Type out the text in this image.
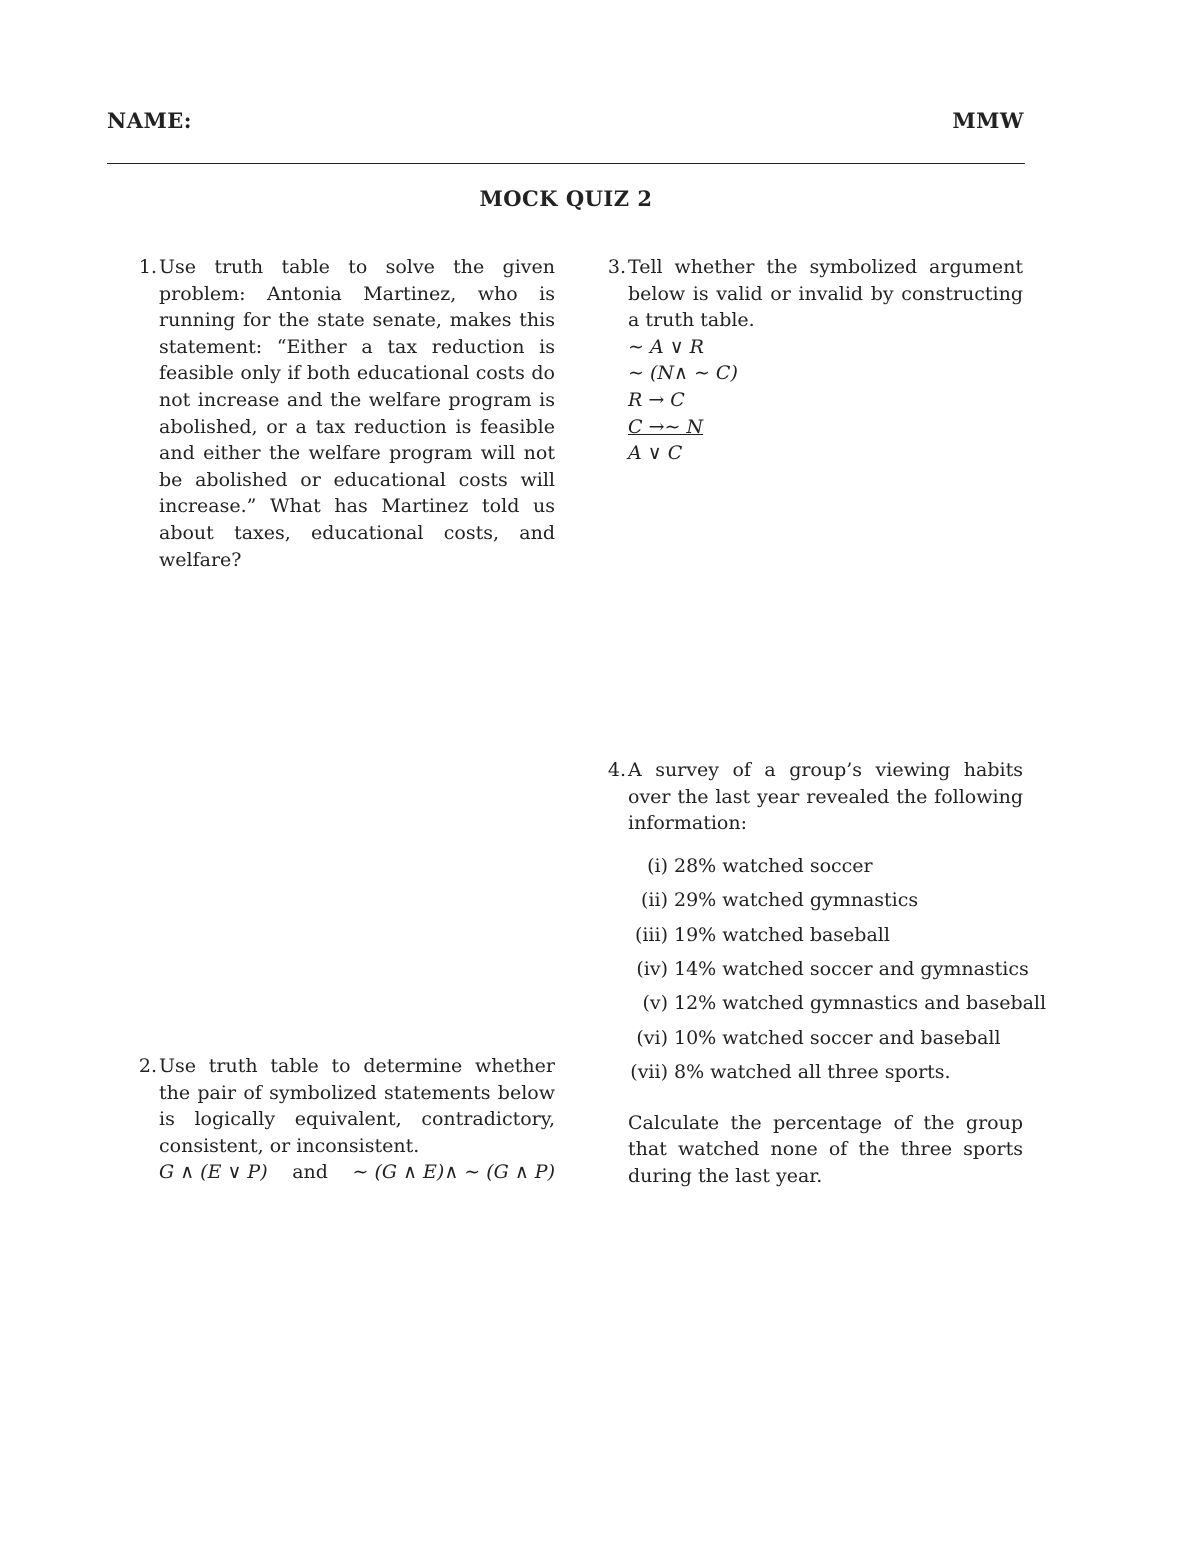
NAME:	MMW
MOCK QUIZ 2
1. Use truth table to solve the given problem: Antonia Martinez, who is running for the state senate, makes this statement: “Either a tax reduction is feasible only if both educational costs do not increase and the welfare program is abolished, or a tax reduction is feasible and either the welfare program will not be abolished or educational costs will increase.” What has Martinez told us about taxes, educational costs, and welfare?
2. Use truth table to determine whether the pair of symbolized statements below is logically equivalent, contradictory, consistent, or inconsistent.
G ∧ (E ∨ P) and ∼ (G ∧ E)∧ ∼ (G ∧ P)
3. Tell whether the symbolized argument below is valid or invalid by constructing a truth table.
∼ A ∨ R
∼ (N∧ ∼ C)
R → C
C →∼ N
A ∨ C
4. A survey of a group’s viewing habits over the last year revealed the following information:
(i) 28% watched soccer
(ii) 29% watched gymnastics
(iii) 19% watched baseball
(iv) 14% watched soccer and gymnastics
(v) 12% watched gymnastics and baseball
(vi) 10% watched soccer and baseball
(vii) 8% watched all three sports.
Calculate the percentage of the group that watched none of the three sports during the last year.
